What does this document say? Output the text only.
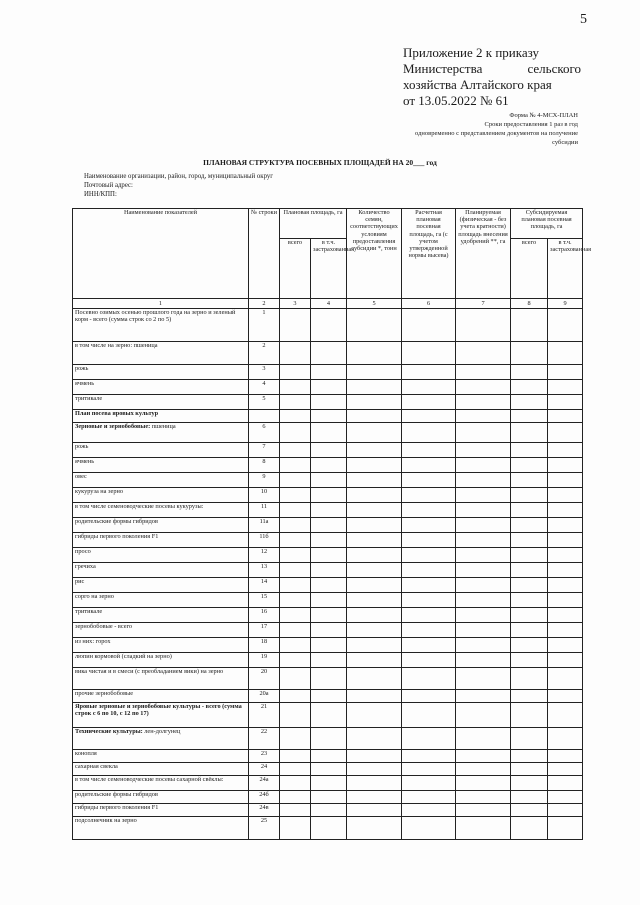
5
Приложение 2 к приказу
Министерства сельского
хозяйства Алтайского края
от 13.05.2022 № 61
Форма № 4-МСХ-ПЛАН
Сроки предоставления 1 раз в год
одновременно с представлением документов на получение
субсидии
ПЛАНОВАЯ СТРУКТУРА ПОСЕВНЫХ ПЛОЩАДЕЙ НА 20___ год
Наименование организации, район, город, муниципальный округ
Почтовый адрес:
ИНН/КПП:
Наименование показателей	№ строки	Плановая площадь, га		Количество семян, соответствующих условиям предоставления субсидии *, тонн	Расчетная плановая посевная площадь, га (с учетом утвержденной нормы высева)	Планируемая (физическая - без учета кратности) площадь внесения удобрений **, га	Субсидируемая плановая посевная площадь, га	
		всего	в т.ч. застрахованная				всего	в т.ч. застрахованная
1	2	3	4	5	6	7	8	9
Посевно озимых осенью прошлого года на зерно и зеленый корм - всего (сумма строк со 2 по 5)	1							
в том числе на зерно: пшеница	2							
рожь	3							
ячмень	4							
тритикале	5							
План посева яровых культур								
Зерновые и зернобобовые: пшеница	6							
рожь	7							
ячмень	8							
овес	9							
кукуруза на зерно	10							
в том числе семеноводческие посевы кукурузы:	11							
родительские формы гибридов	11а							
гибриды первого поколения F1	11б							
просо	12							
гречиха	13							
рис	14							
сорго на зерно	15							
тритикале	16							
зернобобовые - всего	17							
из них: горох	18							
люпин кормовой (сладкий на зерно)	19							
вика чистая и в смеси (с преобладанием вики) на зерно	20							
прочие зернобобовые	20а							
Яровые зерновые и зернобобовые культуры - всего (сумма строк с 6 по 10, с 12 по 17)	21							
Технические культуры: лен-долгунец	22							
конопля	23							
сахарная свекла	24							
в том числе семеноводческие посевы сахарной свёклы:	24а							
родительские формы гибридов	24б							
гибриды первого поколения F1	24в							
подсолнечник на зерно	25							
